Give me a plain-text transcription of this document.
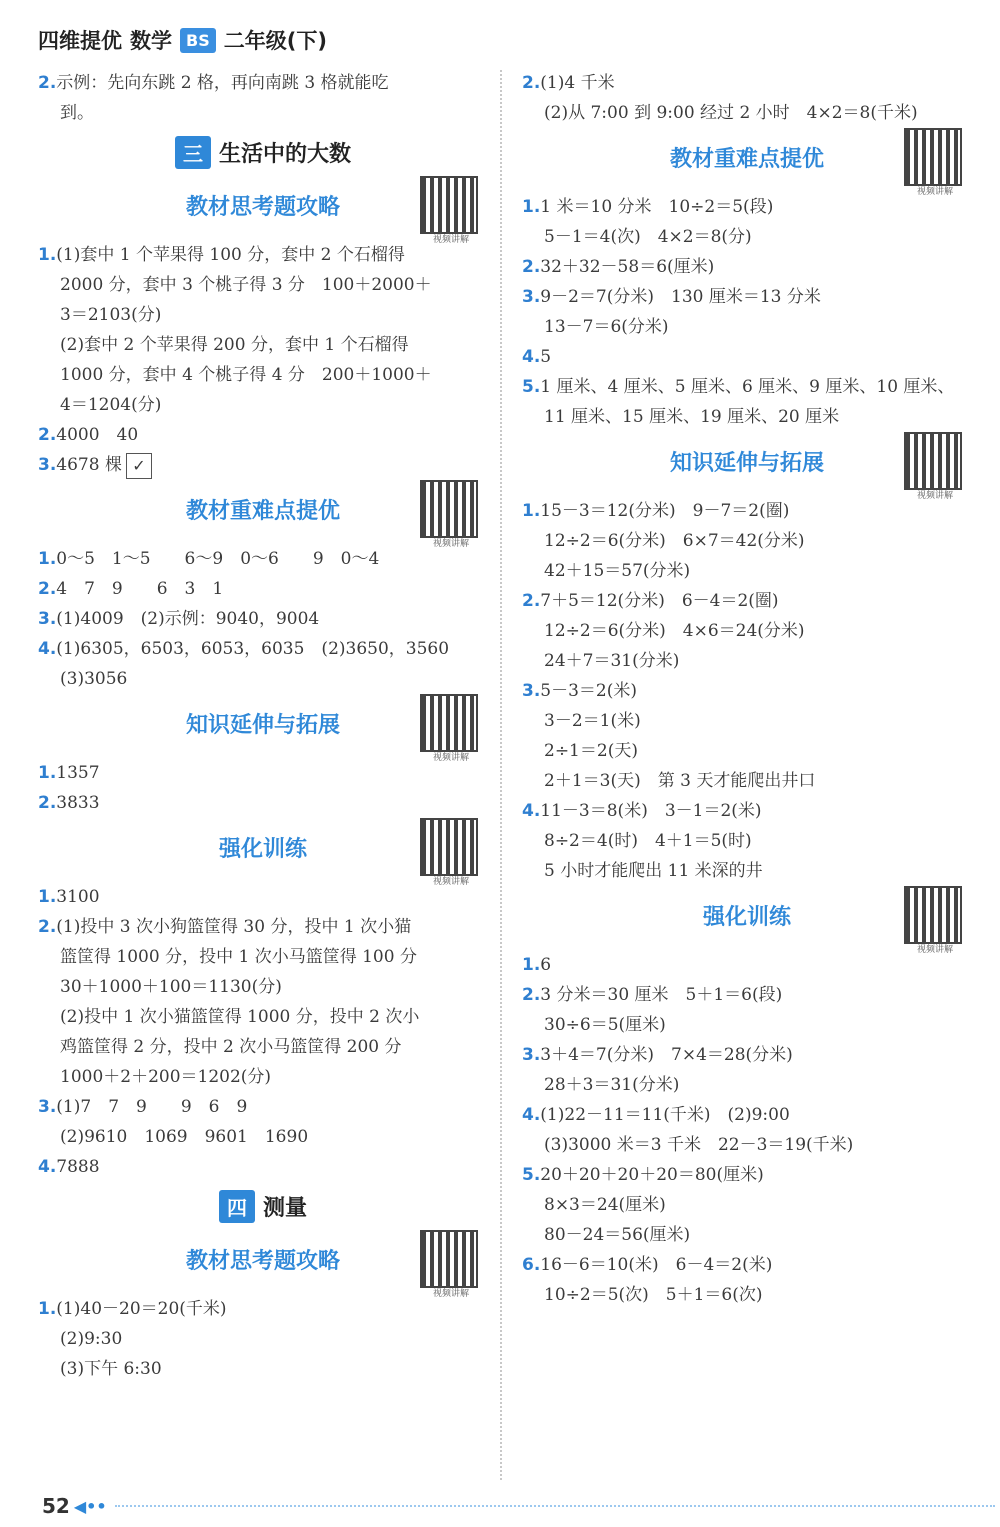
四维提优 数学 BS 二年级(下)
2.示例：先向东跳 2 格，再向南跳 3 格就能吃
到。
三 生活中的大数
教材思考题攻略
视频讲解
1.(1)套中 1 个苹果得 100 分，套中 2 个石榴得
2000 分，套中 3 个桃子得 3 分　100＋2000＋
3＝2103(分)
(2)套中 2 个苹果得 200 分，套中 1 个石榴得
1000 分，套中 4 个桃子得 4 分　200＋1000＋
4＝1204(分)
2.4000　40
3.4678 棵 ✓
教材重难点提优
视频讲解
1.0～5　1～5　　6～9　0～6　　9　0～4
2.4　7　9　　6　3　1
3.(1)4009　(2)示例：9040，9004
4.(1)6305，6503，6053，6035　(2)3650，3560
(3)3056
知识延伸与拓展
视频讲解
1.1357
2.3833
强化训练
视频讲解
1.3100
2.(1)投中 3 次小狗篮筐得 30 分，投中 1 次小猫
篮筐得 1000 分，投中 1 次小马篮筐得 100 分
30＋1000＋100＝1130(分)
(2)投中 1 次小猫篮筐得 1000 分，投中 2 次小
鸡篮筐得 2 分，投中 2 次小马篮筐得 200 分
1000＋2＋200＝1202(分)
3.(1)7　7　9　　9　6　9
(2)9610　1069　9601　1690
4.7888
四 测量
教材思考题攻略
视频讲解
1.(1)40－20＝20(千米)
(2)9:30
(3)下午 6:30
2.(1)4 千米
(2)从 7:00 到 9:00 经过 2 小时　4×2＝8(千米)
教材重难点提优
视频讲解
1.1 米＝10 分米　10÷2＝5(段)
5－1＝4(次)　4×2＝8(分)
2.32＋32－58＝6(厘米)
3.9－2＝7(分米)　130 厘米＝13 分米
13－7＝6(分米)
4.5
5.1 厘米、4 厘米、5 厘米、6 厘米、9 厘米、10 厘米、
11 厘米、15 厘米、19 厘米、20 厘米
知识延伸与拓展
视频讲解
1.15－3＝12(分米)　9－7＝2(圈)
12÷2＝6(分米)　6×7＝42(分米)
42＋15＝57(分米)
2.7＋5＝12(分米)　6－4＝2(圈)
12÷2＝6(分米)　4×6＝24(分米)
24＋7＝31(分米)
3.5－3＝2(米)
3－2＝1(米)
2÷1＝2(天)
2＋1＝3(天)　第 3 天才能爬出井口
4.11－3＝8(米)　3－1＝2(米)
8÷2＝4(时)　4＋1＝5(时)
5 小时才能爬出 11 米深的井
强化训练
视频讲解
1.6
2.3 分米＝30 厘米　5＋1＝6(段)
30÷6＝5(厘米)
3.3＋4＝7(分米)　7×4＝28(分米)
28＋3＝31(分米)
4.(1)22－11＝11(千米)　(2)9:00
(3)3000 米＝3 千米　22－3＝19(千米)
5.20＋20＋20＋20＝80(厘米)
8×3＝24(厘米)
80－24＝56(厘米)
6.16－6＝10(米)　6－4＝2(米)
10÷2＝5(次)　5＋1＝6(次)
52 ◀••
